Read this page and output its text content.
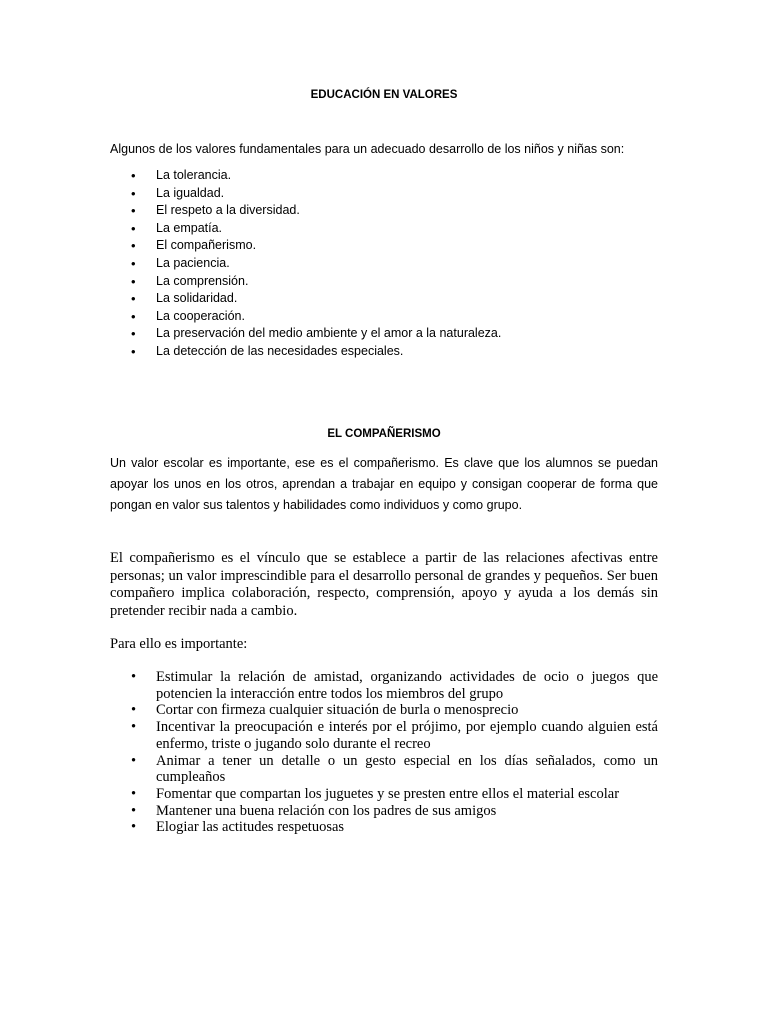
EDUCACIÓN EN VALORES
Algunos de los valores fundamentales para un adecuado desarrollo de los niños y niñas son:
• La tolerancia.
• La igualdad.
• El respeto a la diversidad.
• La empatía.
• El compañerismo.
• La paciencia.
• La comprensión.
• La solidaridad.
• La cooperación.
• La preservación del medio ambiente y el amor a la naturaleza.
• La detección de las necesidades especiales.
EL COMPAÑERISMO

Un valor escolar es importante, ese es el compañerismo. Es clave que los alumnos se puedan apoyar los unos en los otros, aprendan a trabajar en equipo y consigan cooperar de forma que pongan en valor sus talentos y habilidades como individuos y como grupo.

El compañerismo es el vínculo que se establece a partir de las relaciones afectivas entre personas; un valor imprescindible para el desarrollo personal de grandes y pequeños. Ser buen compañero implica colaboración, respecto, comprensión, apoyo y ayuda a los demás sin pretender recibir nada a cambio.

Para ello es importante:

• Estimular la relación de amistad, organizando actividades de ocio o juegos que potencien la interacción entre todos los miembros del grupo
• Cortar con firmeza cualquier situación de burla o menosprecio
• Incentivar la preocupación e interés por el prójimo, por ejemplo cuando alguien está enfermo, triste o jugando solo durante el recreo
• Animar a tener un detalle o un gesto especial en los días señalados, como un cumpleaños
• Fomentar que compartan los juguetes y se presten entre ellos el material escolar
• Mantener una buena relación con los padres de sus amigos
• Elogiar las actitudes respetuosas
